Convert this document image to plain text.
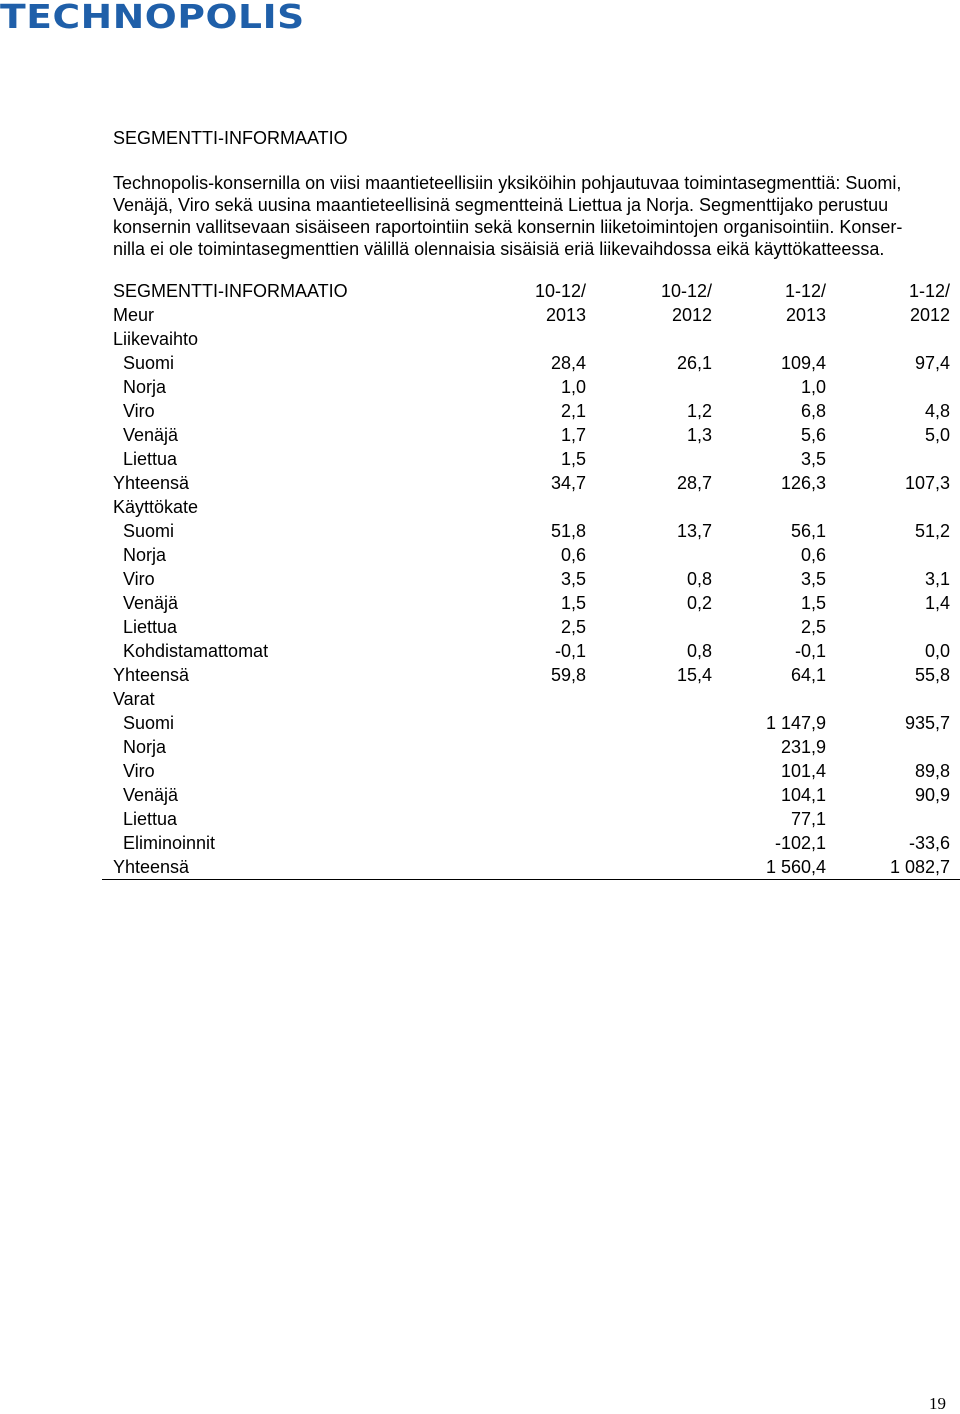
TECHNOPOLIS
SEGMENTTI-INFORMAATIO
Technopolis-konsernilla on viisi maantieteellisiin yksiköihin pohjautuvaa toimintasegmenttiä: Suomi,
Venäjä, Viro sekä uusina maantieteellisinä segmentteinä Liettua ja Norja. Segmenttijako perustuu
konsernin vallitsevaan sisäiseen raportointiin sekä konsernin liiketoimintojen organisointiin. Konser-
nilla ei ole toimintasegmenttien välillä olennaisia sisäisiä eriä liikevaihdossa eikä käyttökatteessa.
SEGMENTTI-INFORMAATIO	10-12/	10-12/	1-12/	1-12/
Meur	2013	2012	2013	2012
Liikevaihto				
Suomi	28,4	26,1	109,4	97,4
Norja	1,0		1,0	
Viro	2,1	1,2	6,8	4,8
Venäjä	1,7	1,3	5,6	5,0
Liettua	1,5		3,5	
Yhteensä	34,7	28,7	126,3	107,3
Käyttökate				
Suomi	51,8	13,7	56,1	51,2
Norja	0,6		0,6	
Viro	3,5	0,8	3,5	3,1
Venäjä	1,5	0,2	1,5	1,4
Liettua	2,5		2,5	
Kohdistamattomat	-0,1	0,8	-0,1	0,0
Yhteensä	59,8	15,4	64,1	55,8
Varat				
Suomi			1 147,9	935,7
Norja			231,9	
Viro			101,4	89,8
Venäjä			104,1	90,9
Liettua			77,1	
Eliminoinnit			-102,1	-33,6
Yhteensä			1 560,4	1 082,7
19
